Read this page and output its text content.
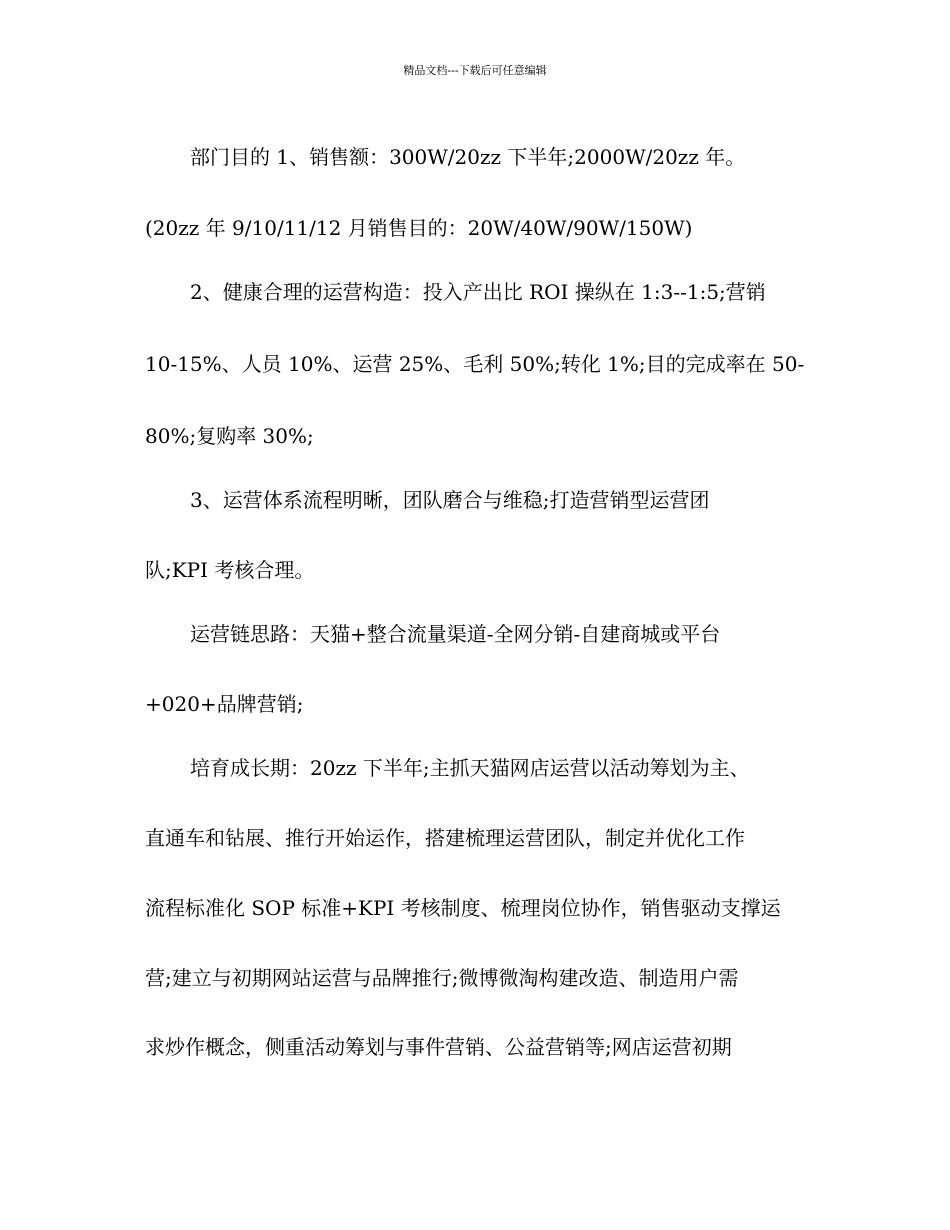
精品文档---下载后可任意编辑
部门目的 1、销售额：300W/20zz 下半年;2000W/20zz 年。
(20zz 年 9/10/11/12 月销售目的：20W/40W/90W/150W)
2、健康合理的运营构造：投入产出比 ROI 操纵在 1:3--1:5;营销
10-15%、人员 10%、运营 25%、毛利 50%;转化 1%;目的完成率在 50-
80%;复购率 30%;
3、运营体系流程明晰，团队磨合与维稳;打造营销型运营团
队;KPI 考核合理。
运营链思路：天猫+整合流量渠道-全网分销-自建商城或平台
+020+品牌营销;
培育成长期：20zz 下半年;主抓天猫网店运营以活动筹划为主、
直通车和钻展、推行开始运作，搭建梳理运营团队，制定并优化工作
流程标准化 SOP 标准+KPI 考核制度、梳理岗位协作，销售驱动支撑运
营;建立与初期网站运营与品牌推行;微博微淘构建改造、制造用户需
求炒作概念，侧重活动筹划与事件营销、公益营销等;网店运营初期
